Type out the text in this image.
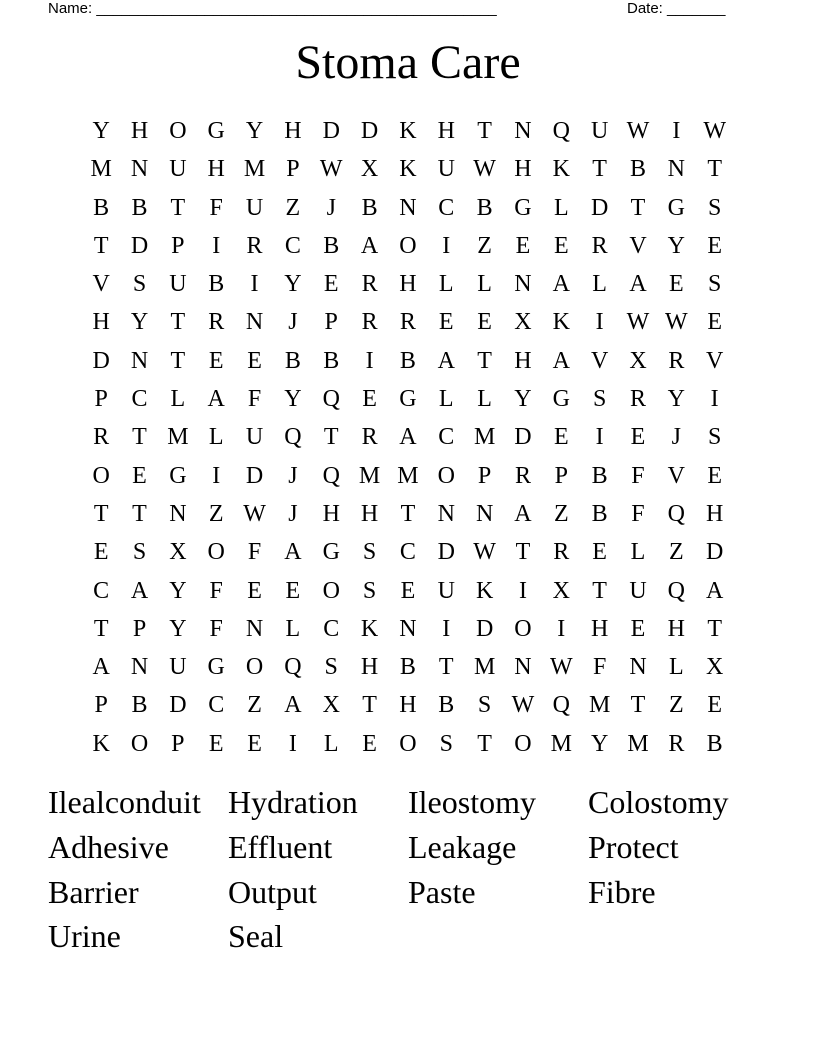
Name: ________________________________________________	Date: _______
Stoma Care
Y H O G Y H D D K H T N Q U W I W
M N U H M P W X K U W H K T B N T
B B T	F U Z	J	B N C B G L D T G S
T D P	I	R C B A O	I	Z E E R V Y E
V S U B	I	Y E R H L L N A L A E	S
H Y T R N	J	P R R E E X K	I W W E
D N T E E B B	I	B A T H A V X R V
P C L A F Y Q E G L L Y G S R Y	I
R T M L U Q T R A C M D E	I	E	J	S
O E G	I	D	J	Q M M O P R P B F V E
T T N Z W J	H H T N N A Z B F Q H
E	S X O F A G S C D W T R E L Z D
C A Y F	E E O S	E U K	I	X T U Q A
T	P Y F N L C K N	I	D O	I	H E H T
A N U G O Q S H B T M N W F N L X
P B D C Z A X T H B S W Q M T Z E
K O P	E E	I	L E O S	T O M Y M R B
Ilealconduit Hydration	Ileostomy	Colostomy
Adhesive	Effluent	Leakage	Protect
Barrier	Output	Paste	Fibre
Urine	Seal
